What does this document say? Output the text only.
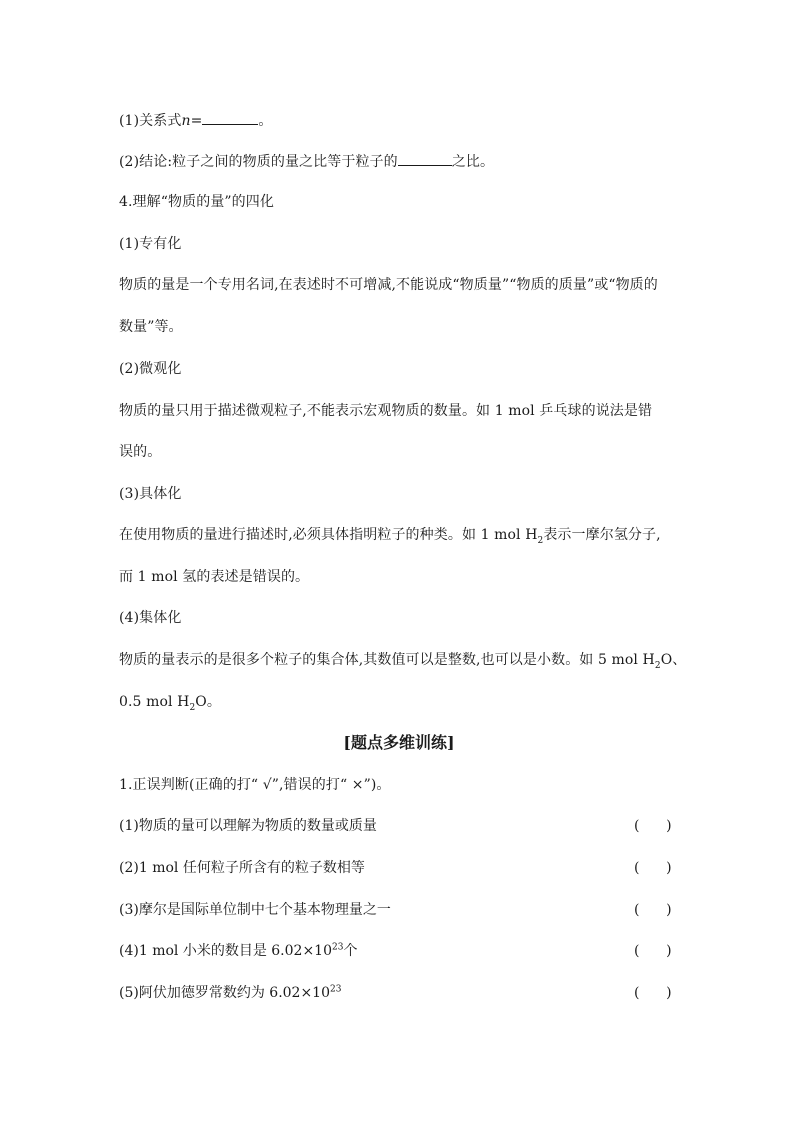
(1)关系式n=	。
(2)结论:粒子之间的物质的量之比等于粒子的	之比。
4.理解“物质的量”的四化
(1)专有化
物质的量是一个专用名词,在表述时不可增减,不能说成“物质量”“物质的质量”或“物质的
数量”等。
(2)微观化
物质的量只用于描述微观粒子,不能表示宏观物质的数量。如 1 mol 乒乓球的说法是错
误的。
(3)具体化
在使用物质的量进行描述时,必须具体指明粒子的种类。如 1 mol $H_2$表示一摩尔氢分子,
而 1 mol 氢的表述是错误的。
(4)集体化
物质的量表示的是很多个粒子的集合体,其数值可以是整数,也可以是小数。如 5 mol $H_2O$、
0.5 mol $H_2O$。
[题点多维训练]
1.正误判断(正确的打“ √”,错误的打“ ×”)。
(1)物质的量可以理解为物质的数量或质量	(      )
(2)1 mol 任何粒子所含有的粒子数相等	(      )
(3)摩尔是国际单位制中七个基本物理量之一	(      )
(4)1 mol 小米的数目是 $6.02\times 10^{23}$个	(      )
(5)阿伏加德罗常数约为 $6.02\times 10^{23}$	(      )
